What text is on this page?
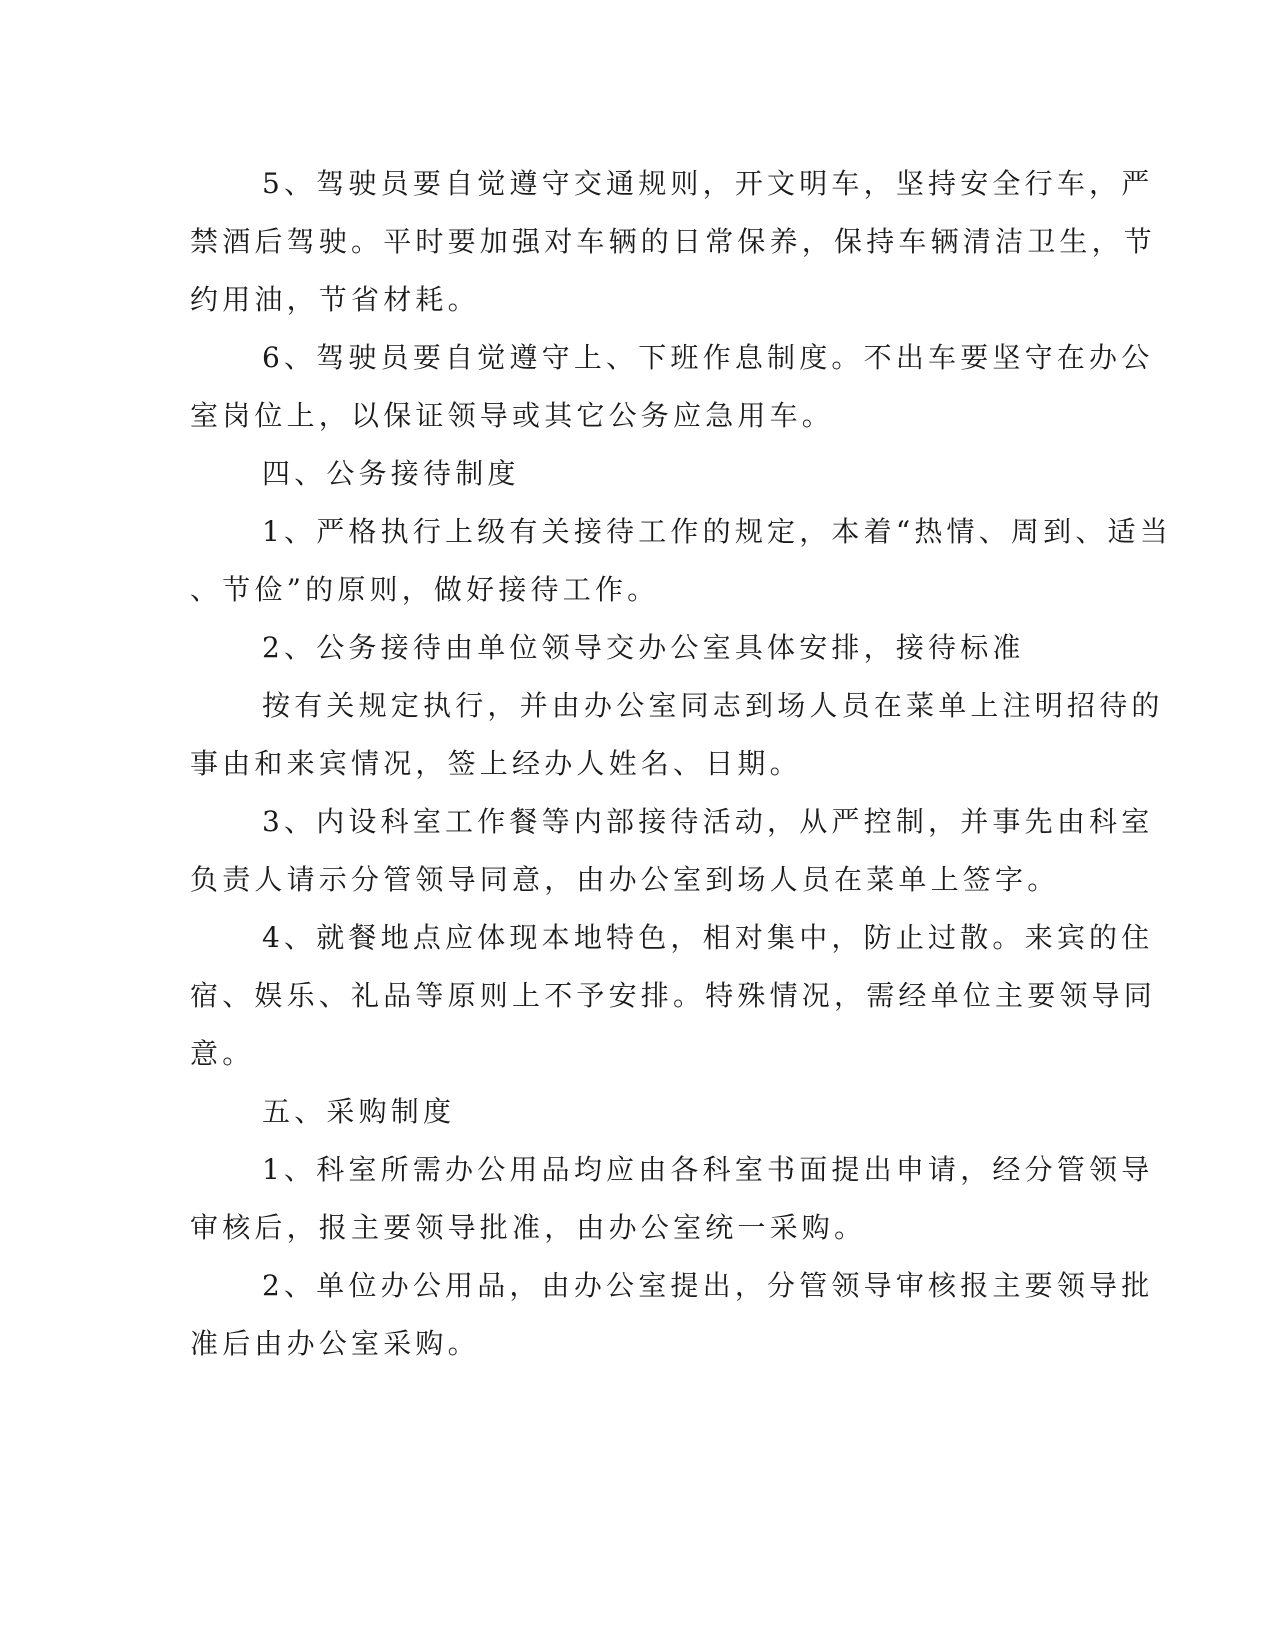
5、驾驶员要自觉遵守交通规则，开文明车，坚持安全行车，严
禁酒后驾驶。平时要加强对车辆的日常保养，保持车辆清洁卫生，节
约用油，节省材耗。
6、驾驶员要自觉遵守上、下班作息制度。不出车要坚守在办公
室岗位上，以保证领导或其它公务应急用车。
四、公务接待制度
1、严格执行上级有关接待工作的规定，本着“热情、周到、适当
、节俭”的原则，做好接待工作。
2、公务接待由单位领导交办公室具体安排，接待标准
按有关规定执行，并由办公室同志到场人员在菜单上注明招待的
事由和来宾情况，签上经办人姓名、日期。
3、内设科室工作餐等内部接待活动，从严控制，并事先由科室
负责人请示分管领导同意，由办公室到场人员在菜单上签字。
4、就餐地点应体现本地特色，相对集中，防止过散。来宾的住
宿、娱乐、礼品等原则上不予安排。特殊情况，需经单位主要领导同
意。
五、采购制度
1、科室所需办公用品均应由各科室书面提出申请，经分管领导
审核后，报主要领导批准，由办公室统一采购。
2、单位办公用品，由办公室提出，分管领导审核报主要领导批
准后由办公室采购。
